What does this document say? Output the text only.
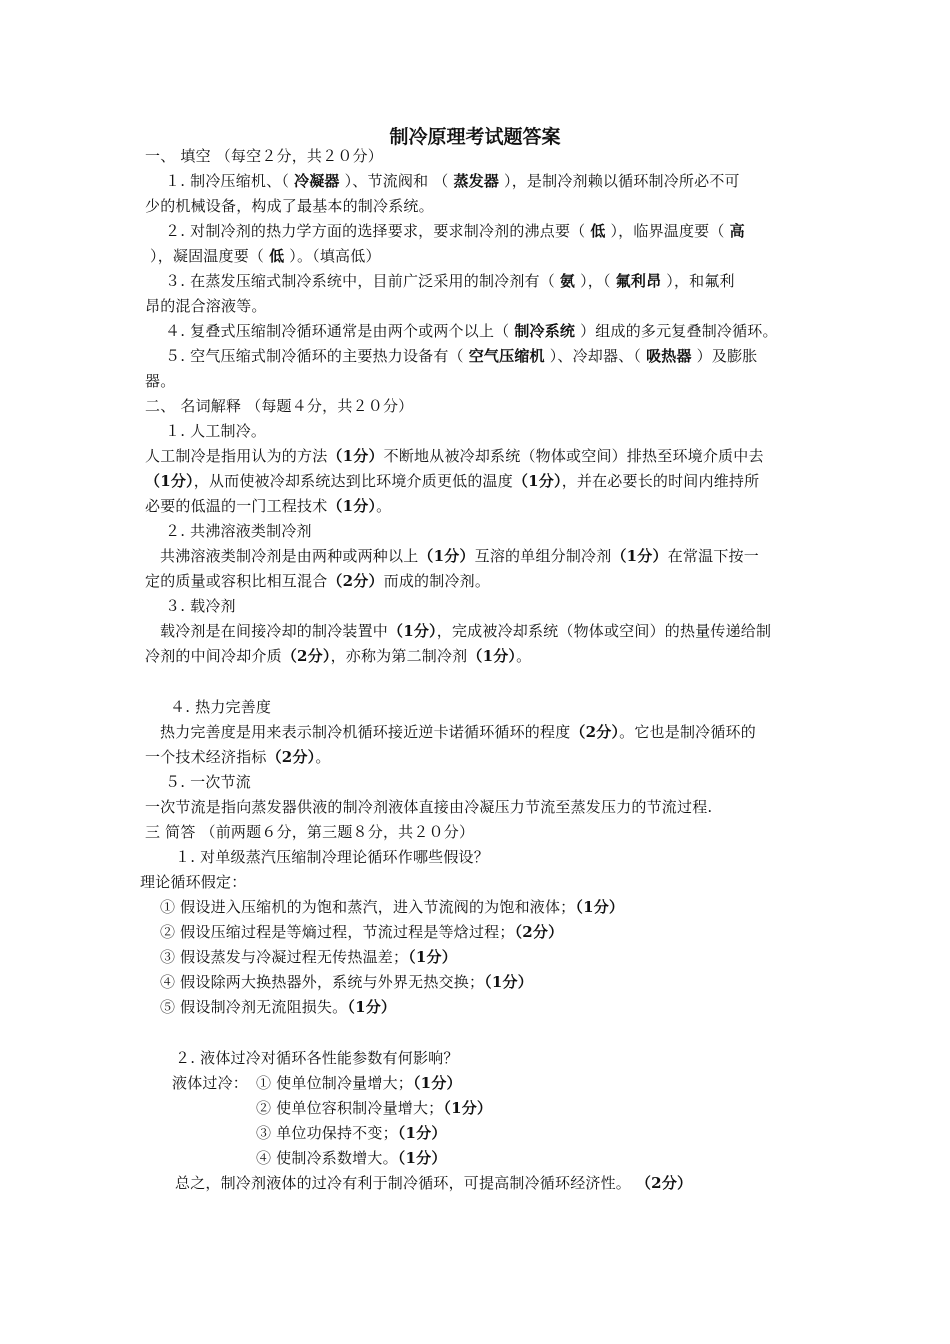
制冷原理考试题答案
一、 填空 （每空２分，共２０分）
１. 制冷压缩机、（ 冷凝器 ）、节流阀和 （ 蒸发器 ），是制冷剂赖以循环制冷所必不可
少的机械设备，构成了最基本的制冷系统。
２. 对制冷剂的热力学方面的选择要求，要求制冷剂的沸点要（ 低 ），临界温度要（ 高
），凝固温度要（ 低 ）。（填高低）
３. 在蒸发压缩式制冷系统中，目前广泛采用的制冷剂有（ 氨 ），（ 氟利昂 ），和氟利
昂的混合溶液等。
４. 复叠式压缩制冷循环通常是由两个或两个以上（ 制冷系统 ）组成的多元复叠制冷循环。
５. 空气压缩式制冷循环的主要热力设备有（ 空气压缩机 ）、冷却器、（ 吸热器 ）及膨胀
器。
二、 名词解释 （每题４分，共２０分）
１. 人工制冷。
人工制冷是指用认为的方法（1分）不断地从被冷却系统（物体或空间）排热至环境介质中去
（1分），从而使被冷却系统达到比环境介质更低的温度（1分），并在必要长的时间内维持所
必要的低温的一门工程技术（1分）。
２. 共沸溶液类制冷剂
共沸溶液类制冷剂是由两种或两种以上（1分）互溶的单组分制冷剂（1分）在常温下按一
定的质量或容积比相互混合（2分）而成的制冷剂。
３. 载冷剂
载冷剂是在间接冷却的制冷装置中（1分），完成被冷却系统（物体或空间）的热量传递给制
冷剂的中间冷却介质（2分），亦称为第二制冷剂（1分）。
４. 热力完善度
热力完善度是用来表示制冷机循环接近逆卡诺循环循环的程度（2分）。它也是制冷循环的
一个技术经济指标（2分）。
５. 一次节流
一次节流是指向蒸发器供液的制冷剂液体直接由冷凝压力节流至蒸发压力的节流过程.
三 简答 （前两题６分，第三题８分，共２０分）
１. 对单级蒸汽压缩制冷理论循环作哪些假设？
理论循环假定：
① 假设进入压缩机的为饱和蒸汽，进入节流阀的为饱和液体；（1分）
② 假设压缩过程是等熵过程，节流过程是等焓过程；（2分）
③ 假设蒸发与冷凝过程无传热温差；（1分）
④ 假设除两大换热器外，系统与外界无热交换；（1分）
⑤ 假设制冷剂无流阻损失。（1分）
２. 液体过冷对循环各性能参数有何影响？
液体过冷： ① 使单位制冷量增大；（1分）
② 使单位容积制冷量增大；（1分）
③ 单位功保持不变；（1分）
④ 使制冷系数增大。（1分）
总之，制冷剂液体的过冷有利于制冷循环，可提高制冷循环经济性。 （2分）
